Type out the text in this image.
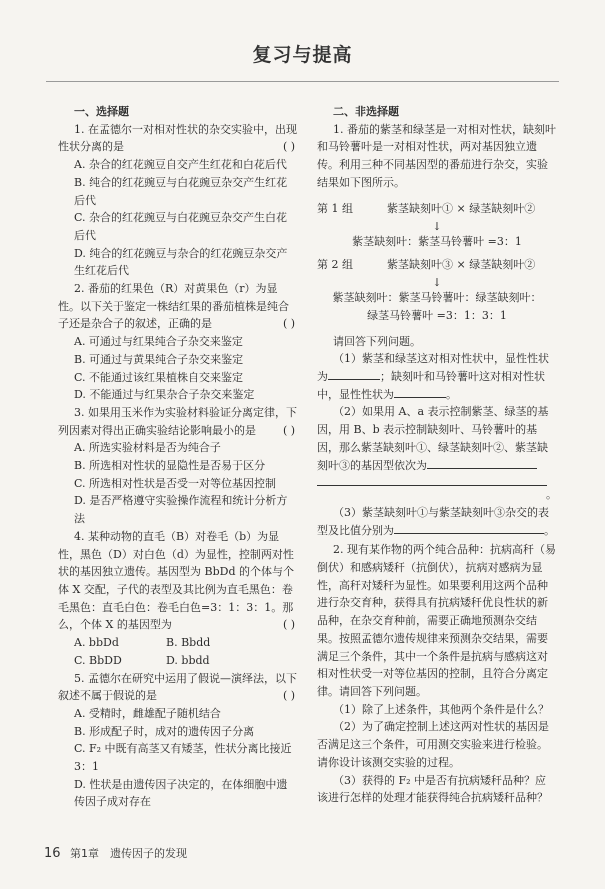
复习与提高
一、选择题

1. 在孟德尔一对相对性状的杂交实验中，出现性状分离的是	( )

A. 杂合的红花豌豆自交产生红花和白花后代

B. 纯合的红花豌豆与白花豌豆杂交产生红花后代

C. 杂合的红花豌豆与白花豌豆杂交产生白花后代

D. 纯合的红花豌豆与杂合的红花豌豆杂交产生红花后代

2. 番茄的红果色（R）对黄果色（r）为显性。以下关于鉴定一株结红果的番茄植株是纯合子还是杂合子的叙述，正确的是	( )

A. 可通过与红果纯合子杂交来鉴定

B. 可通过与黄果纯合子杂交来鉴定

C. 不能通过该红果植株自交来鉴定

D. 不能通过与红果杂合子杂交来鉴定

3. 如果用玉米作为实验材料验证分离定律，下列因素对得出正确实验结论影响最小的是	( )

A. 所选实验材料是否为纯合子

B. 所选相对性状的显隐性是否易于区分

C. 所选相对性状是否受一对等位基因控制

D. 是否严格遵守实验操作流程和统计分析方法

4. 某种动物的直毛（B）对卷毛（b）为显性，黑色（D）对白色（d）为显性，控制两对性状的基因独立遗传。基因型为 BbDd 的个体与个体 X 交配，子代的表型及其比例为直毛黑色：卷毛黑色：直毛白色：卷毛白色=3：1：3：1。那么，个体 X 的基因型为	( )

A. bbDd	B. Bbdd

C. BbDD	D. bbdd

5. 孟德尔在研究中运用了假说—演绎法，以下叙述不属于假说的是	( )

A. 受精时，雌雄配子随机结合

B. 形成配子时，成对的遗传因子分离

C. F₂ 中既有高茎又有矮茎，性状分离比接近 3：1

D. 性状是由遗传因子决定的，在体细胞中遗传因子成对存在

二、非选择题

1. 番茄的紫茎和绿茎是一对相对性状，缺刻叶和马铃薯叶是一对相对性状，两对基因独立遗传。利用三种不同基因型的番茄进行杂交，实验结果如下图所示。

第 1 组	紫茎缺刻叶① × 绿茎缺刻叶②
↓
紫茎缺刻叶：紫茎马铃薯叶 =3：1
第 2 组	紫茎缺刻叶③ × 绿茎缺刻叶②
↓
紫茎缺刻叶：紫茎马铃薯叶：绿茎缺刻叶：
绿茎马铃薯叶 =3：1：3：1

请回答下列问题。

（1）紫茎和绿茎这对相对性状中，显性性状为	；缺刻叶和马铃薯叶这对相对性状中，显性性状为	。

（2）如果用 A、a 表示控制紫茎、绿茎的基因，用 B、b 表示控制缺刻叶、马铃薯叶的基因，那么紫茎缺刻叶①、绿茎缺刻叶②、紫茎缺刻叶③的基因型依次为

。

（3）紫茎缺刻叶①与紫茎缺刻叶③杂交的表型及比值分别为	。

2. 现有某作物的两个纯合品种：抗病高秆（易倒伏）和感病矮秆（抗倒伏），抗病对感病为显性，高秆对矮秆为显性。如果要利用这两个品种进行杂交育种，获得具有抗病矮秆优良性状的新品种，在杂交育种前，需要正确地预测杂交结果。按照孟德尔遗传规律来预测杂交结果，需要满足三个条件，其中一个条件是抗病与感病这对相对性状受一对等位基因的控制，且符合分离定律。请回答下列问题。

（1）除了上述条件，其他两个条件是什么？

（2）为了确定控制上述这两对性状的基因是否满足这三个条件，可用测交实验来进行检验。请你设计该测交实验的过程。

（3）获得的 F₂ 中是否有抗病矮秆品种？应该进行怎样的处理才能获得纯合抗病矮秆品种？

16 第1章　遗传因子的发现
